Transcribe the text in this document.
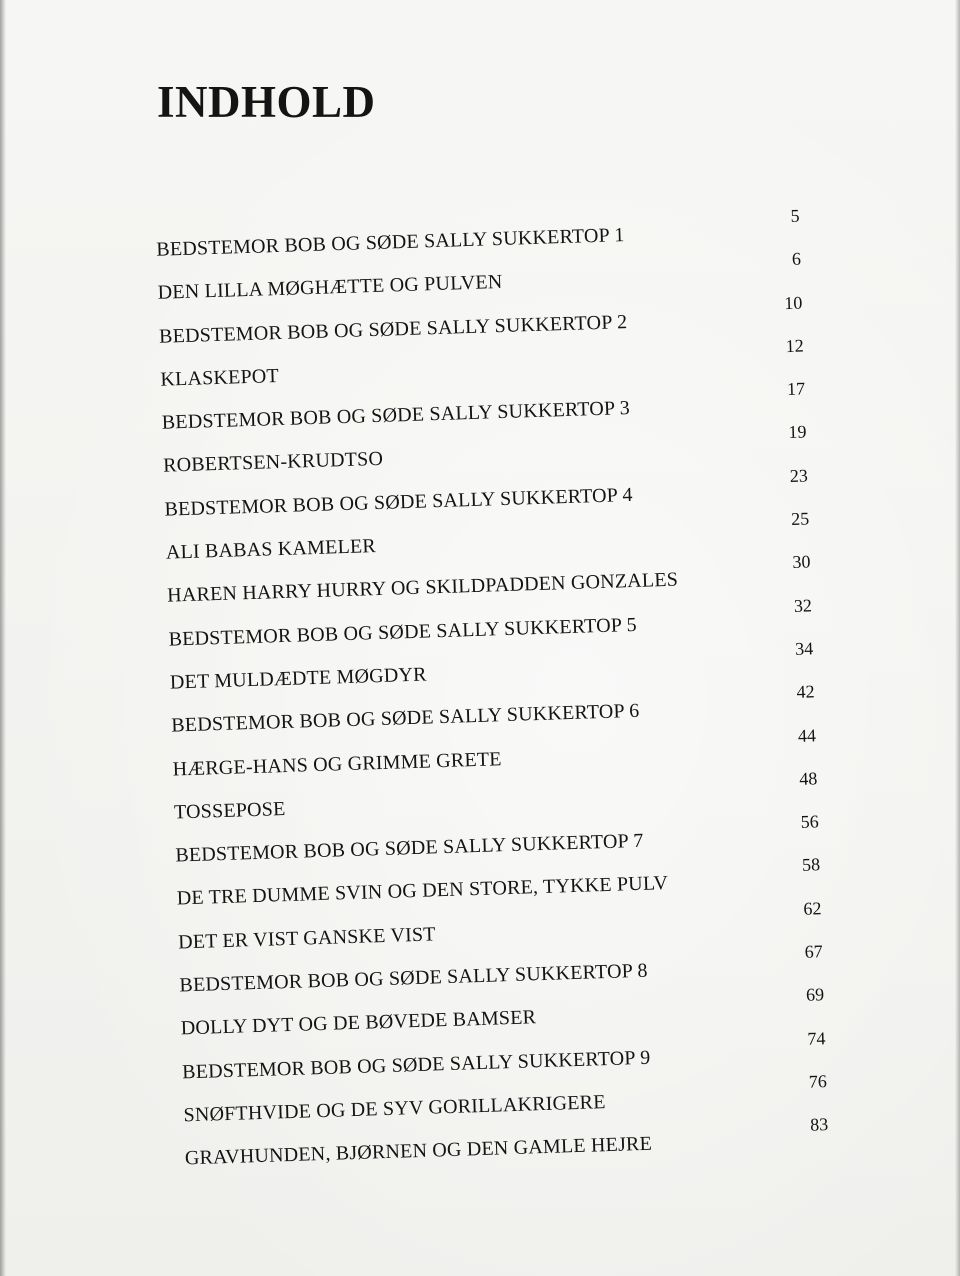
INDHOLD
BEDSTEMOR BOB OG SØDE SALLY SUKKERTOP 1
5
DEN LILLA MØGHÆTTE OG PULVEN
6
BEDSTEMOR BOB OG SØDE SALLY SUKKERTOP 2
10
KLASKEPOT
12
BEDSTEMOR BOB OG SØDE SALLY SUKKERTOP 3
17
ROBERTSEN-KRUDTSO
19
BEDSTEMOR BOB OG SØDE SALLY SUKKERTOP 4
23
ALI BABAS KAMELER
25
HAREN HARRY HURRY OG SKILDPADDEN GONZALES
30
BEDSTEMOR BOB OG SØDE SALLY SUKKERTOP 5
32
DET MULDÆDTE MØGDYR
34
BEDSTEMOR BOB OG SØDE SALLY SUKKERTOP 6
42
HÆRGE-HANS OG GRIMME GRETE
44
TOSSEPOSE
48
BEDSTEMOR BOB OG SØDE SALLY SUKKERTOP 7
56
DE TRE DUMME SVIN OG DEN STORE, TYKKE PULV
58
DET ER VIST GANSKE VIST
62
BEDSTEMOR BOB OG SØDE SALLY SUKKERTOP 8
67
DOLLY DYT OG DE BØVEDE BAMSER
69
BEDSTEMOR BOB OG SØDE SALLY SUKKERTOP 9
74
SNØFTHVIDE OG DE SYV GORILLAKRIGERE
76
GRAVHUNDEN, BJØRNEN OG DEN GAMLE HEJRE
83
